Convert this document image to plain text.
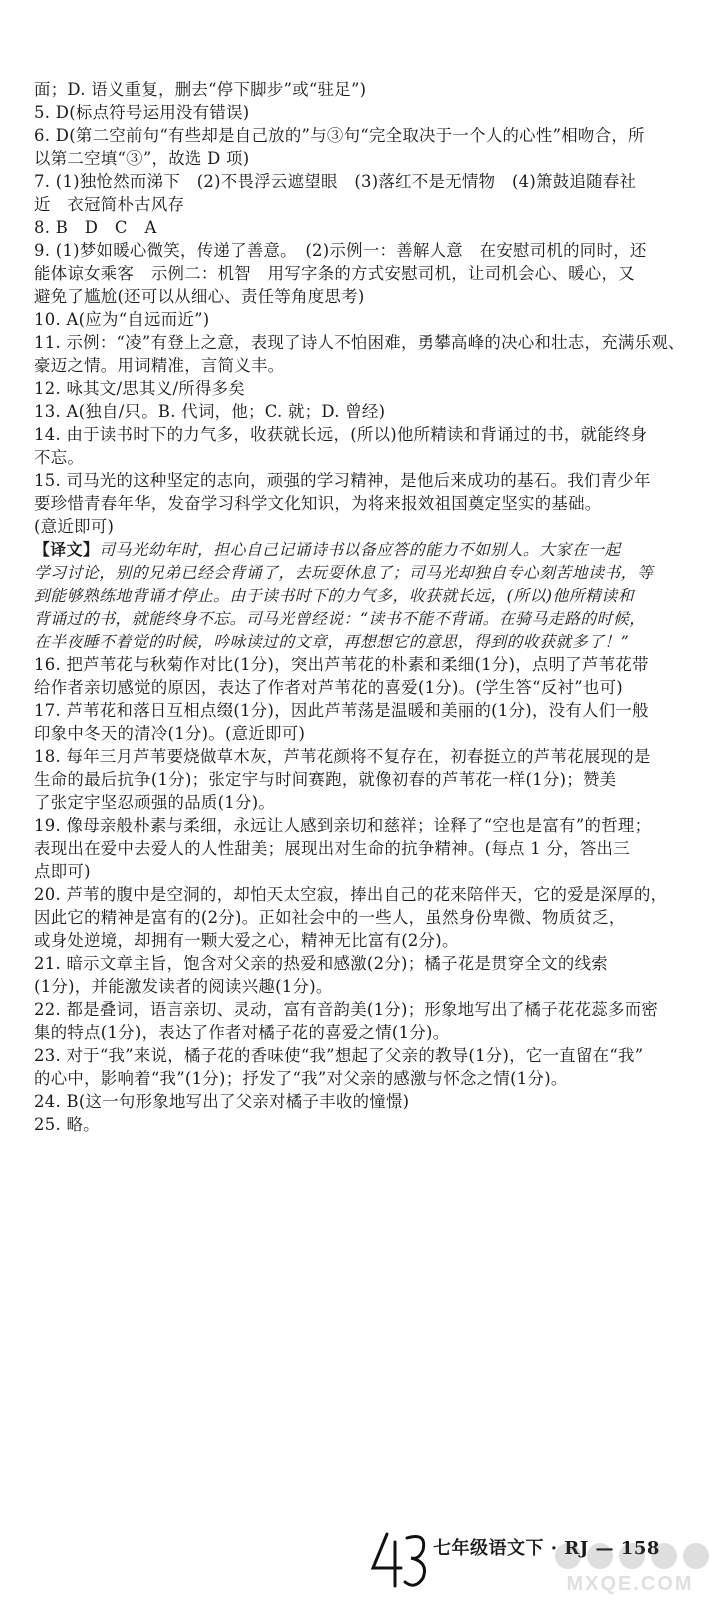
面；D. 语义重复，删去“停下脚步”或“驻足”)
5. D(标点符号运用没有错误)
6. D(第二空前句“有些却是自己放的”与③句“完全取决于一个人的心性”相吻合，所
以第二空填“③”，故选 D 项)
7. (1)独怆然而涕下　(2)不畏浮云遮望眼　(3)落红不是无情物　(4)箫鼓追随春社
近　衣冠简朴古风存
8. B　D　C　A
9. (1)梦如暖心微笑，传递了善意。　(2)示例一：善解人意　在安慰司机的同时，还
能体谅女乘客　示例二：机智　用写字条的方式安慰司机，让司机会心、暖心，又
避免了尴尬(还可以从细心、责任等角度思考)
10. A(应为“自远而近”)
11. 示例：“凌”有登上之意，表现了诗人不怕困难，勇攀高峰的决心和壮志，充满乐观、
豪迈之情。用词精准，言简义丰。
12. 咏其文/思其义/所得多矣
13. A(独自/只。B. 代词，他；C. 就；D. 曾经)
14. 由于读书时下的力气多，收获就长远，(所以)他所精读和背诵过的书，就能终身
不忘。
15. 司马光的这种坚定的志向，顽强的学习精神，是他后来成功的基石。我们青少年
要珍惜青春年华，发奋学习科学文化知识，为将来报效祖国奠定坚实的基础。
(意近即可)
【译文】司马光幼年时，担心自己记诵诗书以备应答的能力不如别人。大家在一起
学习讨论，别的兄弟已经会背诵了，去玩耍休息了；司马光却独自专心刻苦地读书，等
到能够熟练地背诵才停止。由于读书时下的力气多，收获就长远，(所以)他所精读和
背诵过的书，就能终身不忘。司马光曾经说：“读书不能不背诵。在骑马走路的时候，
在半夜睡不着觉的时候，吟咏读过的文章，再想想它的意思，得到的收获就多了！”
16. 把芦苇花与秋菊作对比(1分)，突出芦苇花的朴素和柔细(1分)，点明了芦苇花带
给作者亲切感觉的原因，表达了作者对芦苇花的喜爱(1分)。(学生答“反衬”也可)
17. 芦苇花和落日互相点缀(1分)，因此芦苇荡是温暖和美丽的(1分)，没有人们一般
印象中冬天的清冷(1分)。(意近即可)
18. 每年三月芦苇要烧做草木灰，芦苇花颜将不复存在，初春挺立的芦苇花展现的是
生命的最后抗争(1分)；张定宇与时间赛跑，就像初春的芦苇花一样(1分)；赞美
了张定宇坚忍顽强的品质(1分)。
19. 像母亲般朴素与柔细，永远让人感到亲切和慈祥；诠释了“空也是富有”的哲理；
表现出在爱中去爱人的人性甜美；展现出对生命的抗争精神。(每点 1 分，答出三
点即可)
20. 芦苇的腹中是空洞的，却怕天太空寂，捧出自己的花来陪伴天，它的爱是深厚的，
因此它的精神是富有的(2分)。正如社会中的一些人，虽然身份卑微、物质贫乏，
或身处逆境，却拥有一颗大爱之心，精神无比富有(2分)。
21. 暗示文章主旨，饱含对父亲的热爱和感激(2分)；橘子花是贯穿全文的线索
(1分)，并能激发读者的阅读兴趣(1分)。
22. 都是叠词，语言亲切、灵动，富有音韵美(1分)；形象地写出了橘子花花蕊多而密
集的特点(1分)，表达了作者对橘子花的喜爱之情(1分)。
23. 对于“我”来说，橘子花的香味使“我”想起了父亲的教导(1分)，它一直留在“我”
的心中，影响着“我”(1分)；抒发了“我”对父亲的感激与怀念之情(1分)。
24. B(这一句形象地写出了父亲对橘子丰收的憧憬)
25. 略。
七年级语文下 · RJ — 158
MXQE.COM
